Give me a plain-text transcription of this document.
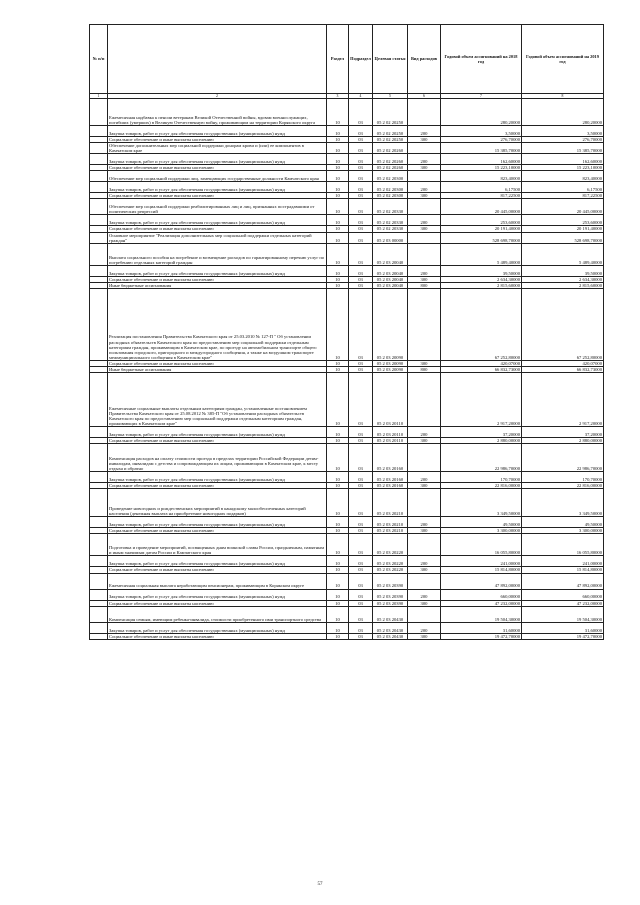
№ п/п		Раздел	Подраздел	Целевая статья	Вид расходов	Годовой объем ассигнований на 2018 год	Годовой объем ассигнований на 2019 год
1	2	3	4	5	6	7	8
	Ежемесячная надбавка к пенсии ветеранам Великой Отечественной войны, вдовам военнослужащих, погибших (умерших) в Великую Отечественную войну, проживающим на территории Корякского округа	10	03	05 2 02 20250		280,20000	280,20000
	Закупка товаров, работ и услуг для обеспечения государственных (муниципальных) нужд	10	03	05 2 02 20250	200	3,50000	3,50000
	Социальное обеспечение и иные выплаты населению	10	03	05 2 02 20250	300	276,70000	276,70000
	Обеспечение дополнительных мер социальной поддержки донорам крови и (или) ее компонентов в Камчатском крае	10	03	05 2 02 20260		15 385,70000	15 385,70000
	Закупка товаров, работ и услуг для обеспечения государственных (муниципальных) нужд	10	03	05 2 02 20260	200	162,60000	162,60000
	Социальное обеспечение и иные выплаты населению	10	03	05 2 02 20260	300	15 223,10000	15 223,10000
	Обеспечение мер социальной поддержки лиц, замещающих государственные должности Камчатского края	10	03	05 2 02 20300		823,40000	823,40000
	Закупка товаров, работ и услуг для обеспечения государственных (муниципальных) нужд	10	03	05 2 02 20300	200	6,17500	6,17500
	Социальное обеспечение и иные выплаты населению	10	03	05 2 02 20300	300	817,22500	817,22500
	Обеспечение мер социальной поддержки реабилитированных лиц и лиц, признанных пострадавшими от политических репрессий	10	03	05 2 02 20330		20 445,00000	20 445,00000
	Закупка товаров, работ и услуг для обеспечения государственных (муниципальных) нужд	10	03	05 2 02 20330	200	253,60000	253,60000
	Социальное обеспечение и иные выплаты населению	10	03	05 2 02 20330	300	20 191,40000	20 191,40000
	Основное мероприятие "Реализация дополнительных мер социальной поддержки отдельных категорий граждан"	10	03	05 2 03 00000		528 698,70000	528 698,70000
	Выплата социального пособия на погребение и возмещение расходов по гарантированному перечню услуг по погребению отдельных категорий граждан	10	03	05 2 03 20040		5 489,40000	5 489,40000
	Закупка товаров, работ и услуг для обеспечения государственных (муниципальных) нужд	10	03	05 2 03 20040	200	39,50000	39,50000
	Социальное обеспечение и иные выплаты населению	10	03	05 2 03 20040	300	2 634,30000	2 634,30000
	Иные бюджетные ассигнования	10	03	05 2 03 20040	800	2 815,60000	2 815,60000
	Реализация постановления Правительства Камчатского края от 25.03.2010 № 127-П " Об установлении расходных обязательств Камчатского края по предоставлению мер социальной поддержки отдельным категориям граждан, проживающим в Камчатском крае, по проезду на автомобильном транспорте общего пользования городского, пригородного и междугородного сообщения, а также на воздушном транспорте межмуниципального сообщения в Камчатском крае"	10	03	05 2 03 20090		67 252,80000	67 252,80000
	Социальное обеспечение и иные выплаты населению	10	03	05 2 03 20090	300	420,07000	420,07000
	Иные бюджетные ассигнования	10	03	05 2 03 20090	800	66 832,73000	66 832,73000
	Ежемесячные социальные выплаты отдельным категориям граждан, установленные постановлением Правительства Камчатского края от 25.08.2012 № 385-П "Об установлении расходных обязательств Камчатского края по предоставлению мер социальной поддержки отдельным категориям граждан, проживающих в Камчатском крае"	10	03	05 2 03 20110		2 917,20000	2 917,20000
	Закупка товаров, работ и услуг для обеспечения государственных (муниципальных) нужд	10	03	05 2 03 20110	200	37,20000	37,20000
	Социальное обеспечение и иные выплаты населению	10	03	05 2 03 20110	300	2 880,00000	2 880,00000
	Компенсация расходов на оплату стоимости проезда в пределах территории Российской Федерации детям-инвалидам, инвалидам с детства и сопровождающим их лицам, проживающим в Камчатском крае, к месту отдыха и обратно	10	03	05 2 03 20160		22 986,70000	22 986,70000
	Закупка товаров, работ и услуг для обеспечения государственных (муниципальных) нужд	10	03	05 2 03 20160	200	170,70000	170,70000
	Социальное обеспечение и иные выплаты населению	10	03	05 2 03 20160	300	22 816,00000	22 816,00000
	Проведение новогодних и рождественских мероприятий в канадскому малообеспеченных категорий населения (денежная выплата на приобретение новогодних подарков)	10	03	05 2 03 20210		3 349,50000	3 349,50000
	Закупка товаров, работ и услуг для обеспечения государственных (муниципальных) нужд	10	03	05 2 03 20210	200	49,50000	49,50000
	Социальное обеспечение и иные выплаты населению	10	03	05 2 03 20210	300	3 300,00000	3 300,00000
	Подготовка и проведение мероприятий, посвященных дням воинской славы России, праздничным, памятным и иным значимым датам России и Камчатского края	10	03	05 2 03 20220		16 055,80000	16 055,80000
	Закупка товаров, работ и услуг для обеспечения государственных (муниципальных) нужд	10	03	05 2 03 20220	200	241,00000	241,00000
	Социальное обеспечение и иные выплаты населению	10	03	05 2 03 20220	300	15 814,80000	15 814,80000
	Ежемесячная социальная выплата неработающим пенсионерам, проживающим в Корякском округе	10	03	05 2 03 20390		47 892,00000	47 892,00000
	Закупка товаров, работ и услуг для обеспечения государственных (муниципальных) нужд	10	03	05 2 03 20390	200	660,00000	660,00000
	Социальное обеспечение и иные выплаты населению	10	03	05 2 03 20390	300	47 232,00000	47 232,00000
	Компенсация семьям, имеющим ребенка-инвалида, стоимости приобретенного ими транспортного средства	10	03	05 2 03 20430		19 504,30000	19 504,30000
	Закупка товаров, работ и услуг для обеспечения государственных (муниципальных) нужд	10	03	05 2 03 20430	200	31,60000	31,60000
	Социальное обеспечение и иные выплаты населению	10	03	05 2 03 20430	300	19 472,70000	19 472,70000
57
